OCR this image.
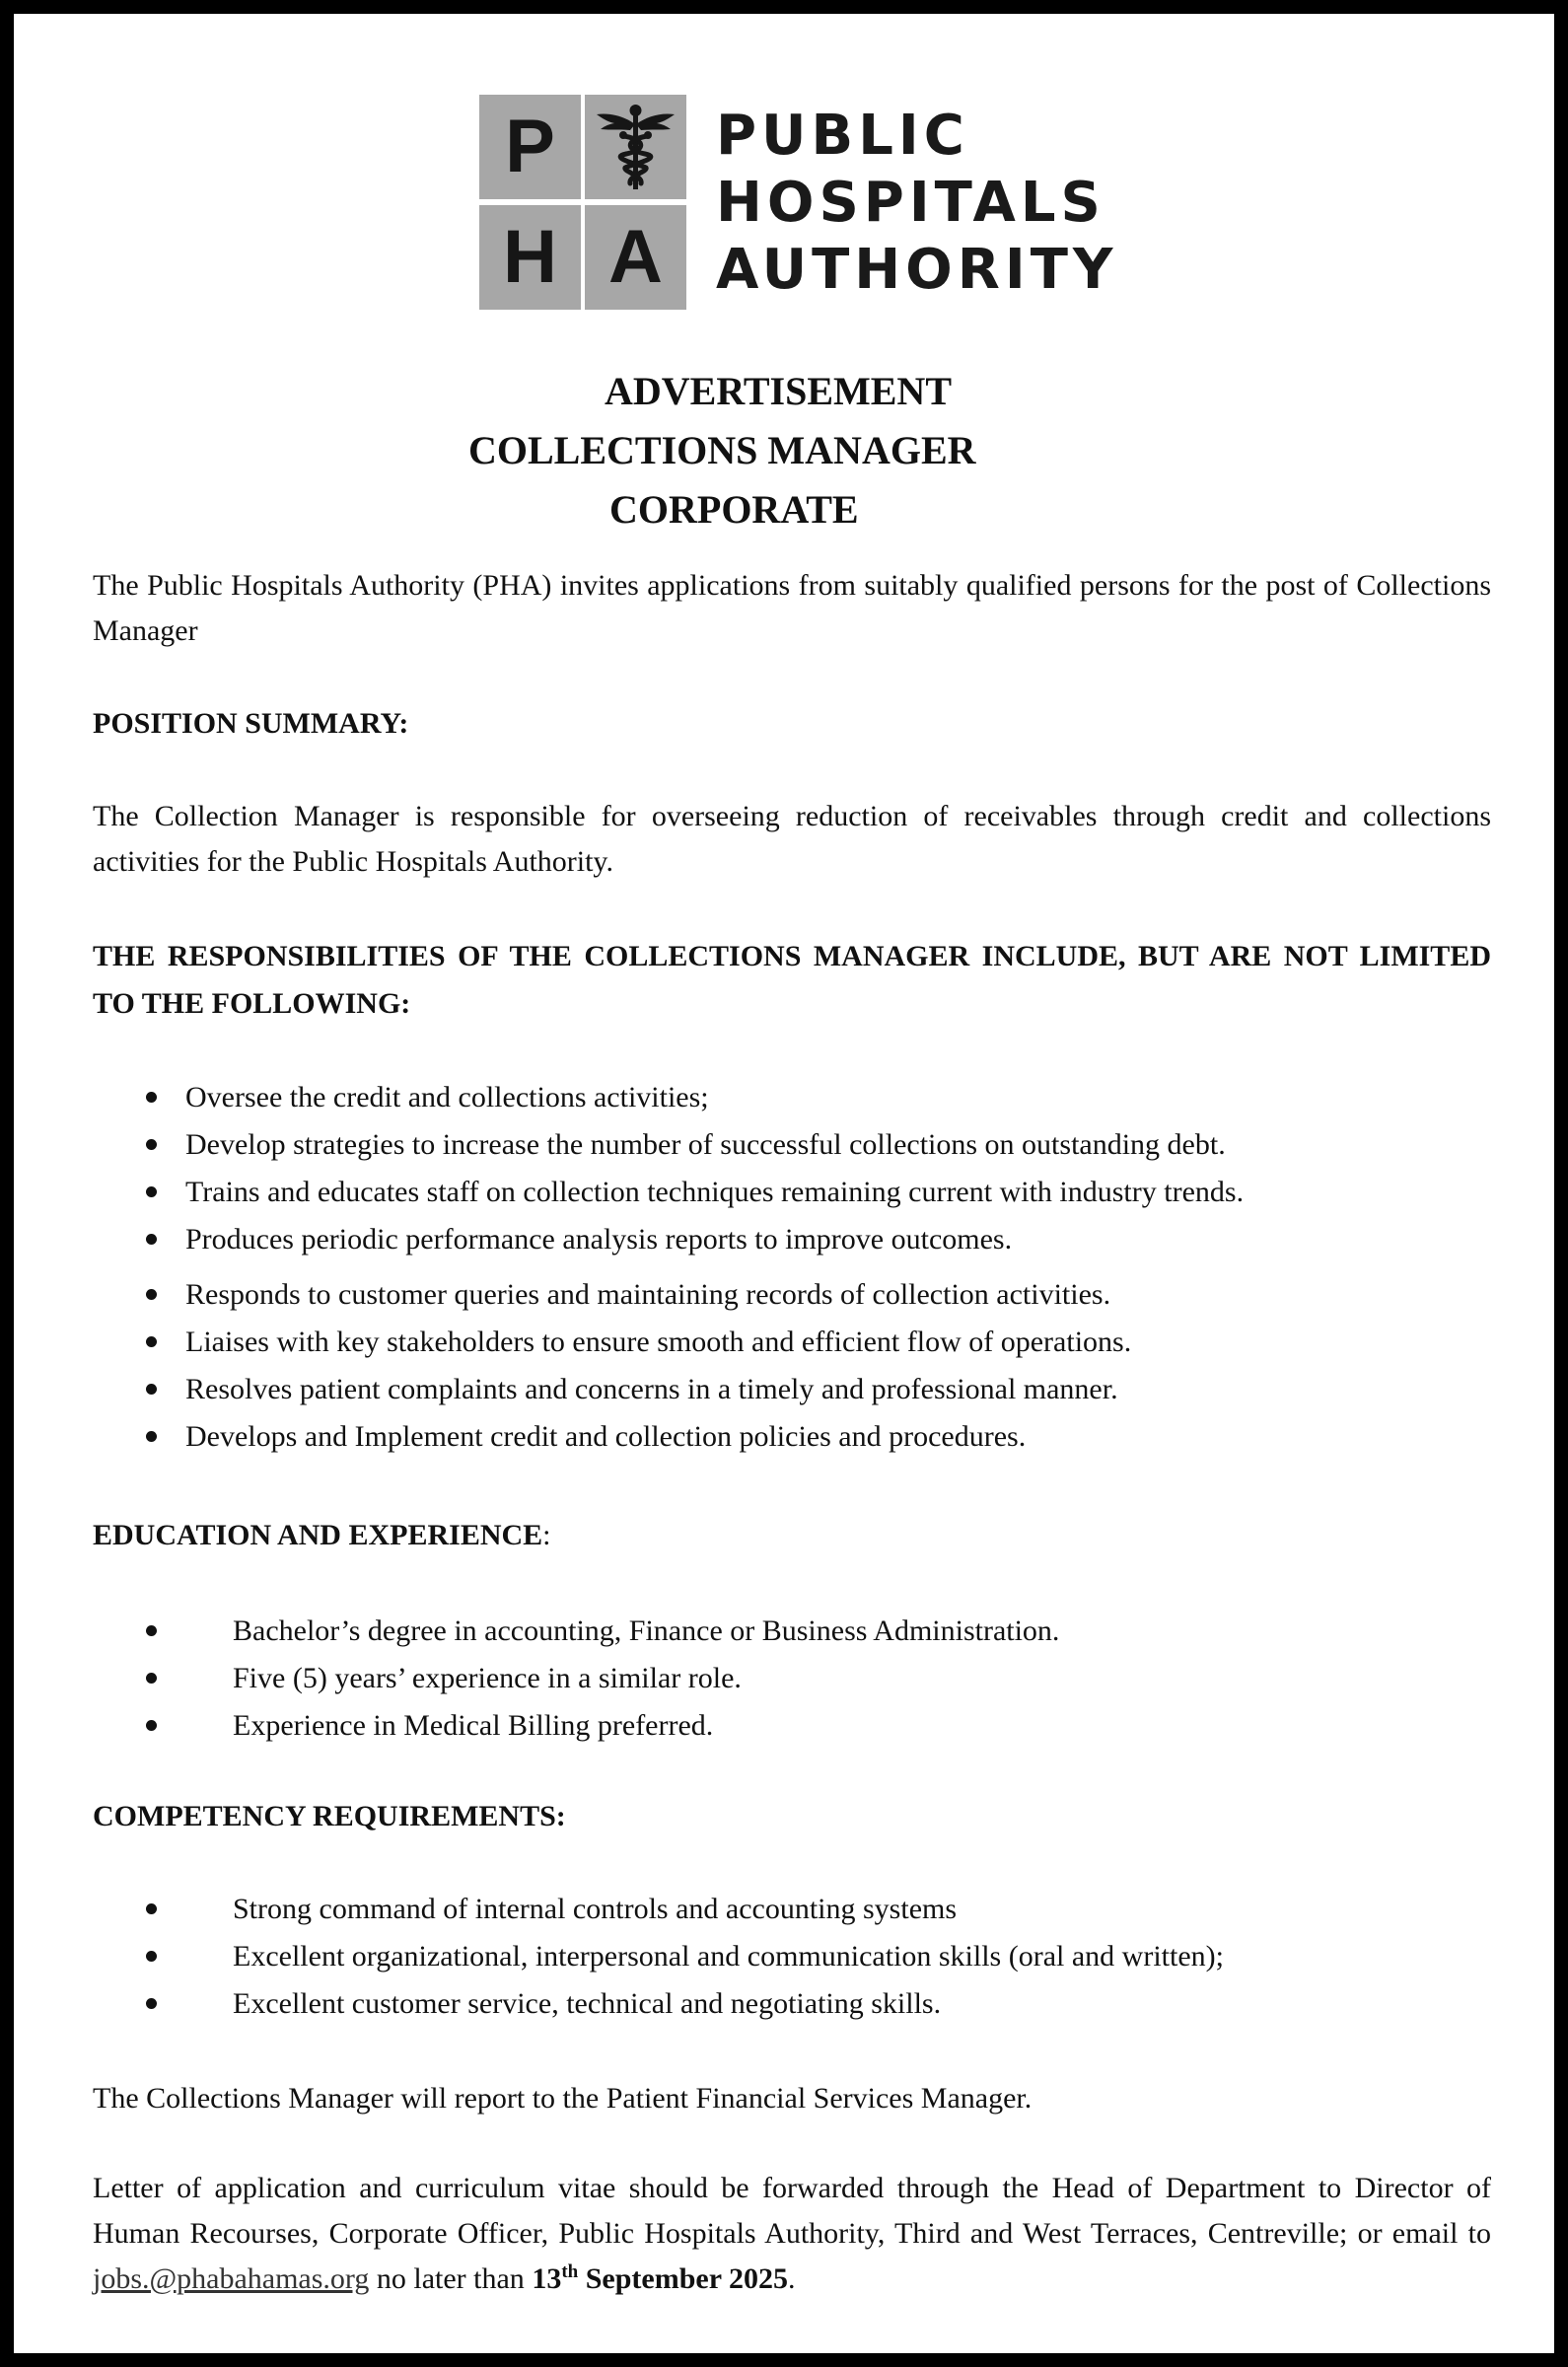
P
H A
PUBLIC
HOSPITALS
AUTHORITY
ADVERTISEMENT
COLLECTIONS MANAGER
CORPORATE
The Public Hospitals Authority (PHA) invites applications from suitably qualified persons for the post of Collections Manager
POSITION SUMMARY:
The Collection Manager is responsible for overseeing reduction of receivables through credit and collections activities for the Public Hospitals Authority.
THE RESPONSIBILITIES OF THE COLLECTIONS MANAGER INCLUDE, BUT ARE NOT LIMITED TO THE FOLLOWING:
Oversee the credit and collections activities;
Develop strategies to increase the number of successful collections on outstanding debt.
Trains and educates staff on collection techniques remaining current with industry trends.
Produces periodic performance analysis reports to improve outcomes.
Responds to customer queries and maintaining records of collection activities.
Liaises with key stakeholders to ensure smooth and efficient flow of operations.
Resolves patient complaints and concerns in a timely and professional manner.
Develops and Implement credit and collection policies and procedures.
EDUCATION AND EXPERIENCE:
Bachelor’s degree in accounting, Finance or Business Administration.
Five (5) years’ experience in a similar role.
Experience in Medical Billing preferred.
COMPETENCY REQUIREMENTS:
Strong command of internal controls and accounting systems
Excellent organizational, interpersonal and communication skills (oral and written);
Excellent customer service, technical and negotiating skills.
The Collections Manager will report to the Patient Financial Services Manager.
Letter of application and curriculum vitae should be forwarded through the Head of Department to Director of Human Recourses, Corporate Officer, Public Hospitals Authority, Third and West Terraces, Centreville; or email to jobs.@phabahamas.org no later than 13th September 2025.
